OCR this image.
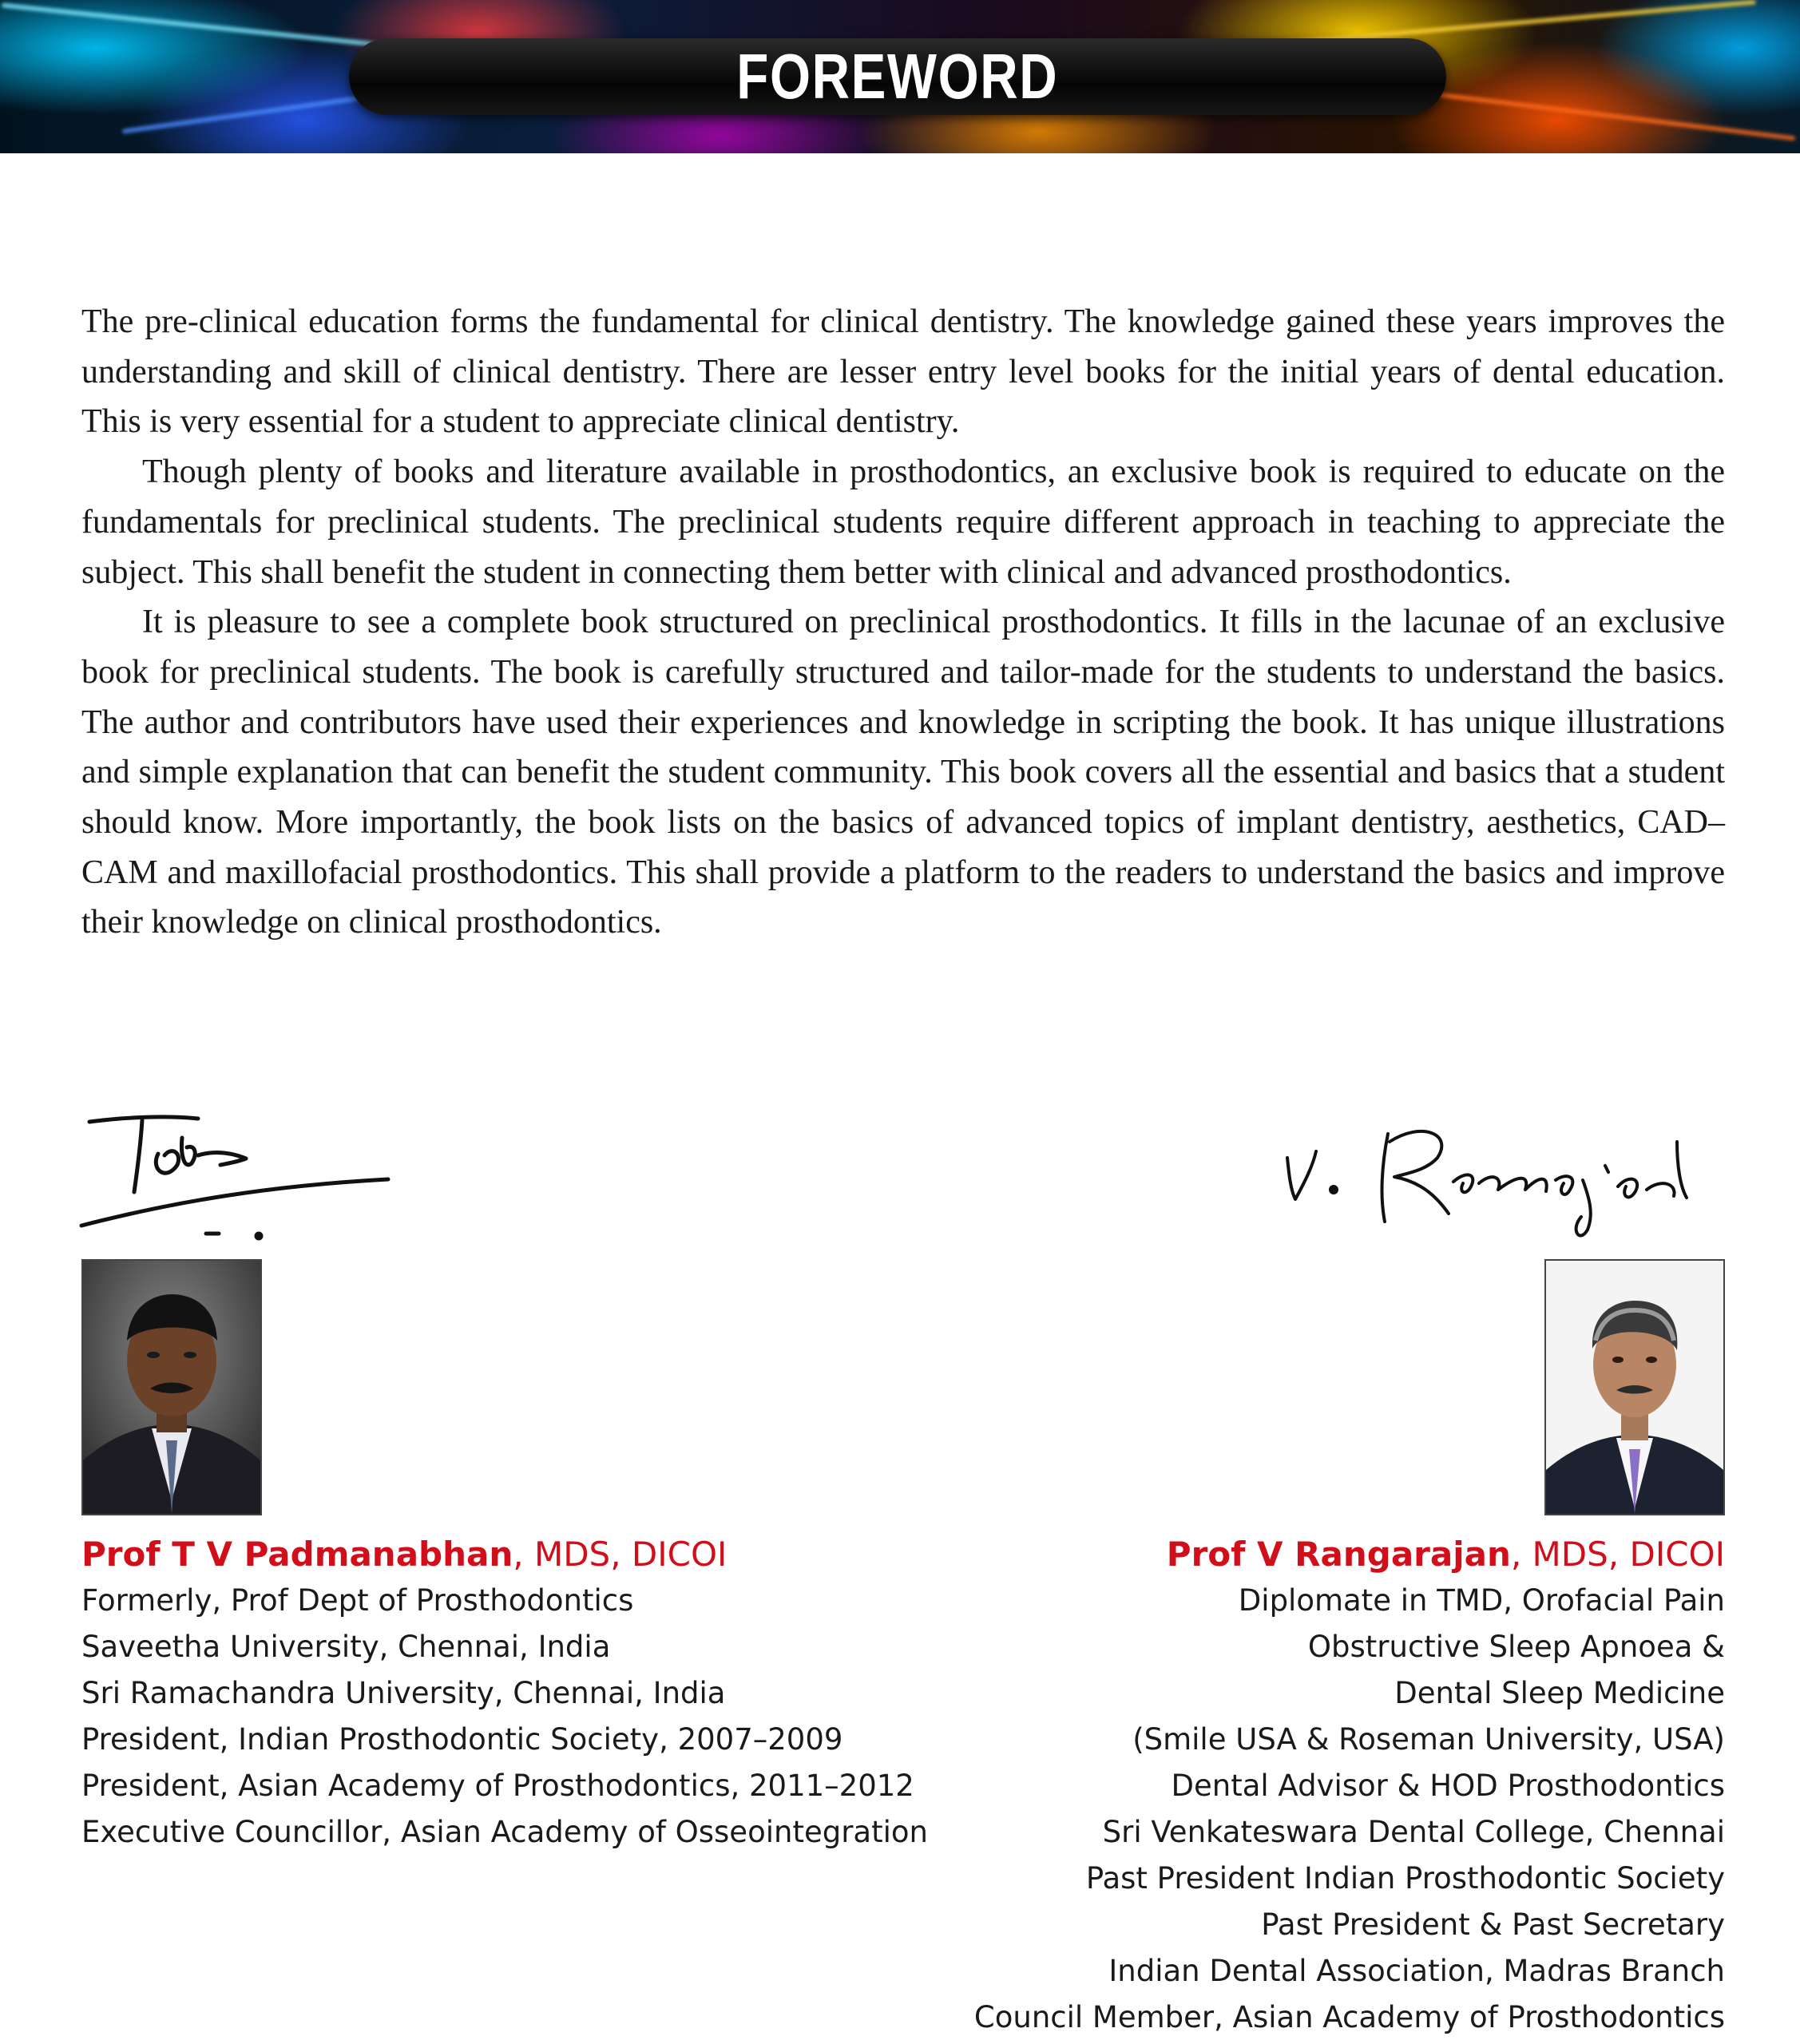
FOREWORD

The pre-clinical education forms the fundamental for clinical dentistry. The knowledge gained these years improves the understanding and skill of clinical dentistry. There are lesser entry level books for the initial years of dental education. This is very essential for a student to appreciate clinical dentistry.

Though plenty of books and literature available in prosthodontics, an exclusive book is required to educate on the fundamentals for preclinical students. The preclinical students require different approach in teaching to appreciate the subject. This shall benefit the student in connecting them better with clinical and advanced prosthodontics.

It is pleasure to see a complete book structured on preclinical prosthodontics. It fills in the lacunae of an exclusive book for preclinical students. The book is carefully structured and tailor-made for the students to understand the basics. The author and contributors have used their experiences and knowledge in scripting the book. It has unique illustrations and simple explanation that can benefit the student community. This book covers all the essential and basics that a student should know. More importantly, the book lists on the basics of advanced topics of implant dentistry, aesthetics, CAD–CAM and maxillofacial prosthodontics. This shall provide a platform to the readers to understand the basics and improve their knowledge on clinical prosthodontics.

Prof T V Padmanabhan, MDS, DICOI
Formerly, Prof Dept of Prosthodontics
Saveetha University, Chennai, India
Sri Ramachandra University, Chennai, India
President, Indian Prosthodontic Society, 2007–2009
President, Asian Academy of Prosthodontics, 2011–2012
Executive Councillor, Asian Academy of Osseointegration
Prof V Rangarajan, MDS, DICOI
Diplomate in TMD, Orofacial Pain
Obstructive Sleep Apnoea &
Dental Sleep Medicine
(Smile USA & Roseman University, USA)
Dental Advisor & HOD Prosthodontics
Sri Venkateswara Dental College, Chennai
Past President Indian Prosthodontic Society
Past President & Past Secretary
Indian Dental Association, Madras Branch
Council Member, Asian Academy of Prosthodontics
